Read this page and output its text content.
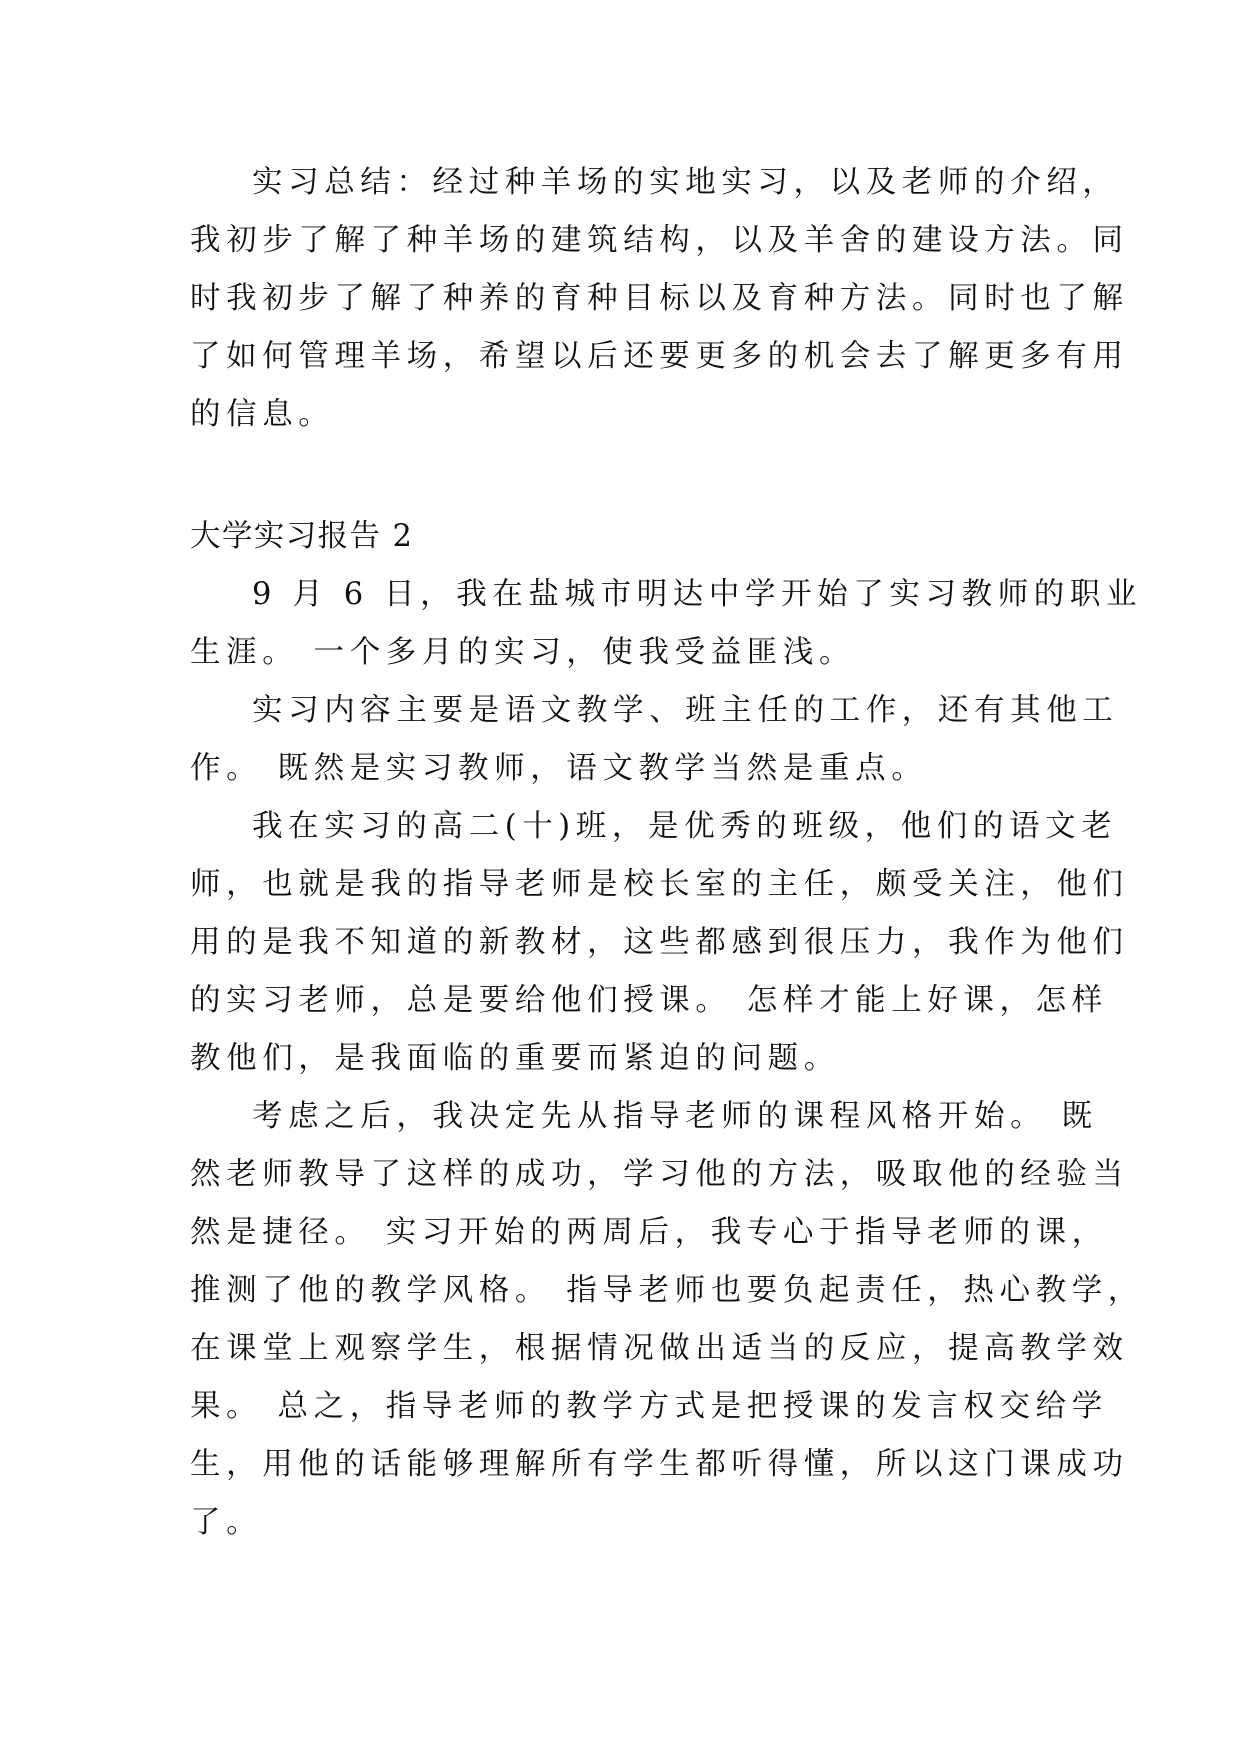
实习总结：经过种羊场的实地实习，以及老师的介绍，

我初步了解了种羊场的建筑结构，以及羊舍的建设方法。同

时我初步了解了种养的育种目标以及育种方法。同时也了解

了如何管理羊场，希望以后还要更多的机会去了解更多有用

的信息。

大学实习报告 2

9 月 6 日，我在盐城市明达中学开始了实习教师的职业

生涯。 一个多月的实习，使我受益匪浅。

实习内容主要是语文教学、班主任的工作，还有其他工

作。 既然是实习教师，语文教学当然是重点。

我在实习的高二(十)班，是优秀的班级，他们的语文老

师，也就是我的指导老师是校长室的主任，颇受关注，他们

用的是我不知道的新教材，这些都感到很压力，我作为他们

的实习老师，总是要给他们授课。 怎样才能上好课，怎样

教他们，是我面临的重要而紧迫的问题。

考虑之后，我决定先从指导老师的课程风格开始。 既

然老师教导了这样的成功，学习他的方法，吸取他的经验当

然是捷径。 实习开始的两周后，我专心于指导老师的课，

推测了他的教学风格。 指导老师也要负起责任，热心教学，

在课堂上观察学生，根据情况做出适当的反应，提高教学效

果。 总之，指导老师的教学方式是把授课的发言权交给学

生，用他的话能够理解所有学生都听得懂，所以这门课成功

了。
